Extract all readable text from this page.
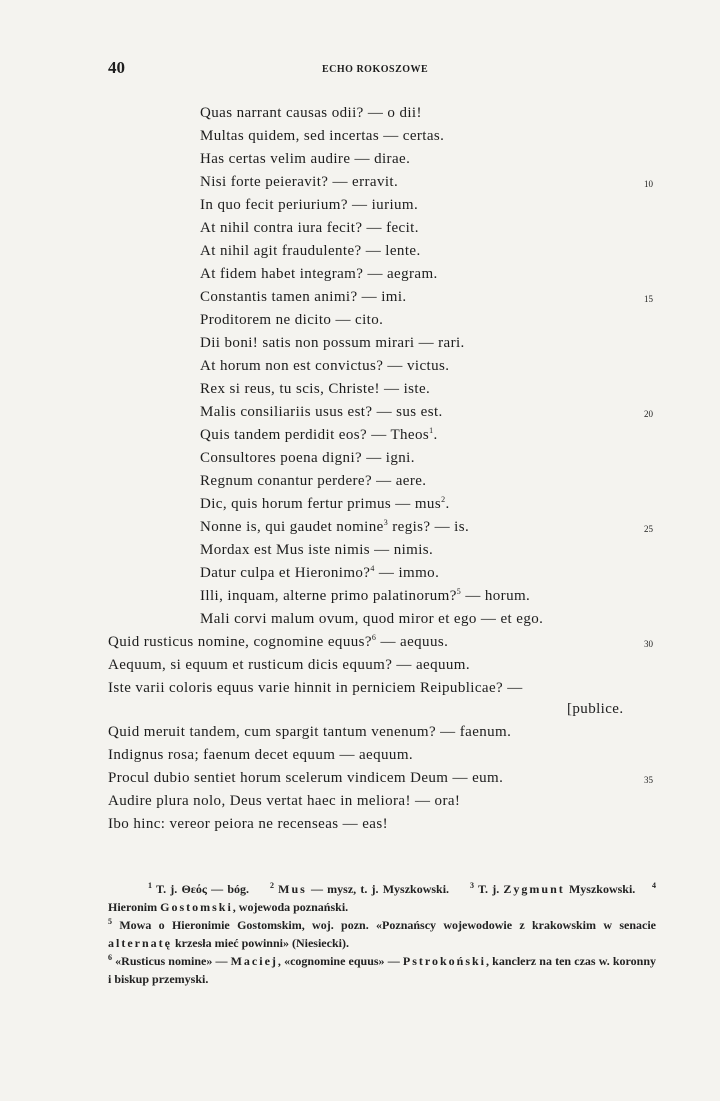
40	ECHO ROKOSZOWE
Quas narrant causas odii? — o dii!
Multas quidem, sed incertas — certas.
Has certas velim audire — dirae.
Nisi forte peieravit? — erravit.
In quo fecit periurium? — iurium.
At nihil contra iura fecit? — fecit.
At nihil agit fraudulente? — lente.
At fidem habet integram? — aegram.
Constantis tamen animi? — imi.
Proditorem ne dicito — cito.
Dii boni! satis non possum mirari — rari.
At horum non est convictus? — victus.
Rex si reus, tu scis, Christe! — iste.
Malis consiliariis usus est? — sus est.
Quis tandem perdidit eos? — Theos$^1$.
Consultores poena digni? — igni.
Regnum conantur perdere? — aere.
Dic, quis horum fertur primus — mus$^2$.
Nonne is, qui gaudet nomine$^3$ regis? — is.
Mordax est Mus iste nimis — nimis.
Datur culpa et Hieronimo?$^4$ — immo.
Illi, inquam, alterne primo palatinorum?$^5$ — horum.
Mali corvi malum ovum, quod miror et ego — et ego.
Quid rusticus nomine, cognomine equus?$^6$ — aequus.
Aequum, si equum et rusticum dicis equum? — aequum.
Iste varii coloris equus varie hinnit in perniciem Reipublicae? —
[publice.
Quid meruit tandem, cum spargit tantum venenum? — faenum.
Indignus rosa; faenum decet equum — aequum.
Procul dubio sentiet horum scelerum vindicem Deum — eum.
Audire plura nolo, Deus vertat haec in meliora! — ora!
Ibo hinc: vereor peiora ne recenseas — eas!
10
15
20
25
30
35
$^1$ T. j. Θεός — bóg.	$^2$ Mus — mysz, t. j. Myszkowski.	$^3$ T. j. Zygmunt Myszkowski. $^4$ Hieronim Gostomski, wojewoda poznański.
$^5$ Mowa o Hieronimie Gostomskim, woj. pozn. «Poznańscy wojewodowie z krakowskim w senacie alternatę krzesła mieć powinni» (Niesiecki).
$^6$ «Rusticus nomine» — Maciej, «cognomine equus» — Pstrokoński, kanclerz na ten czas w. koronny i biskup przemyski.
